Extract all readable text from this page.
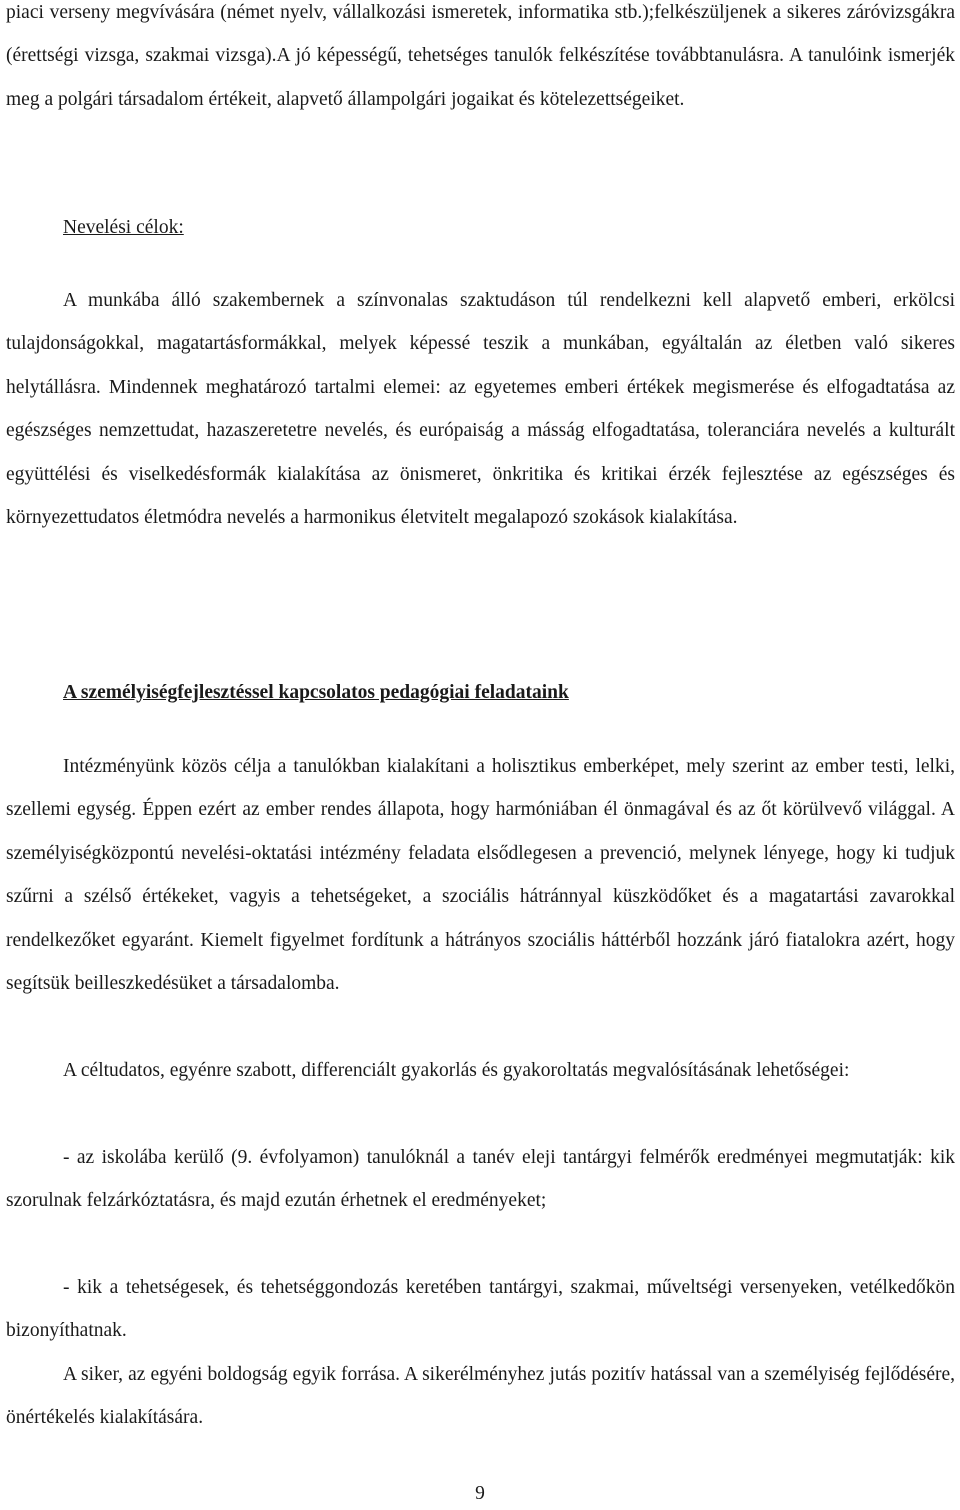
piaci verseny megvívására (német nyelv, vállalkozási ismeretek, informatika stb.);felkészüljenek a sikeres záróvizsgákra (érettségi vizsga, szakmai vizsga).A jó képességű, tehetséges tanulók felkészítése továbbtanulásra. A tanulóink ismerjék meg a polgári társadalom értékeit, alapvető állampolgári jogaikat és kötelezettségeiket.

Nevelési célok:

A munkába álló szakembernek a színvonalas szaktudáson túl rendelkezni kell alapvető emberi, erkölcsi tulajdonságokkal, magatartásformákkal, melyek képessé teszik a munkában, egyáltalán az életben való sikeres helytállásra. Mindennek meghatározó tartalmi elemei: az egyetemes emberi értékek megismerése és elfogadtatása az egészséges nemzettudat, hazaszeretetre nevelés, és európaiság a másság elfogadtatása, toleranciára nevelés a kulturált együttélési és viselkedésformák kialakítása az önismeret, önkritika és kritikai érzék fejlesztése az egészséges és környezettudatos életmódra nevelés a harmonikus életvitelt megalapozó szokások kialakítása.

A személyiségfejlesztéssel kapcsolatos pedagógiai feladataink

Intézményünk közös célja a tanulókban kialakítani a holisztikus emberképet, mely szerint az ember testi, lelki, szellemi egység. Éppen ezért az ember rendes állapota, hogy harmóniában él önmagával és az őt körülvevő világgal. A személyiségközpontú nevelési-oktatási intézmény feladata elsődlegesen a prevenció, melynek lényege, hogy ki tudjuk szűrni a szélső értékeket, vagyis a tehetségeket, a szociális hátránnyal küszködőket és a magatartási zavarokkal rendelkezőket egyaránt. Kiemelt figyelmet fordítunk a hátrányos szociális háttérből hozzánk járó fiatalokra azért, hogy segítsük beilleszkedésüket a társadalomba.

A céltudatos, egyénre szabott, differenciált gyakorlás és gyakoroltatás megvalósításának lehetőségei:

- az iskolába kerülő (9. évfolyamon) tanulóknál a tanév eleji tantárgyi felmérők eredményei megmutatják: kik szorulnak felzárkóztatásra, és majd ezután érhetnek el eredményeket;

- kik a tehetségesek, és tehetséggondozás keretében tantárgyi, szakmai, műveltségi versenyeken, vetélkedőkön bizonyíthatnak.

A siker, az egyéni boldogság egyik forrása. A sikerélményhez jutás pozitív hatással van a személyiség fejlődésére, önértékelés kialakítására.

9
